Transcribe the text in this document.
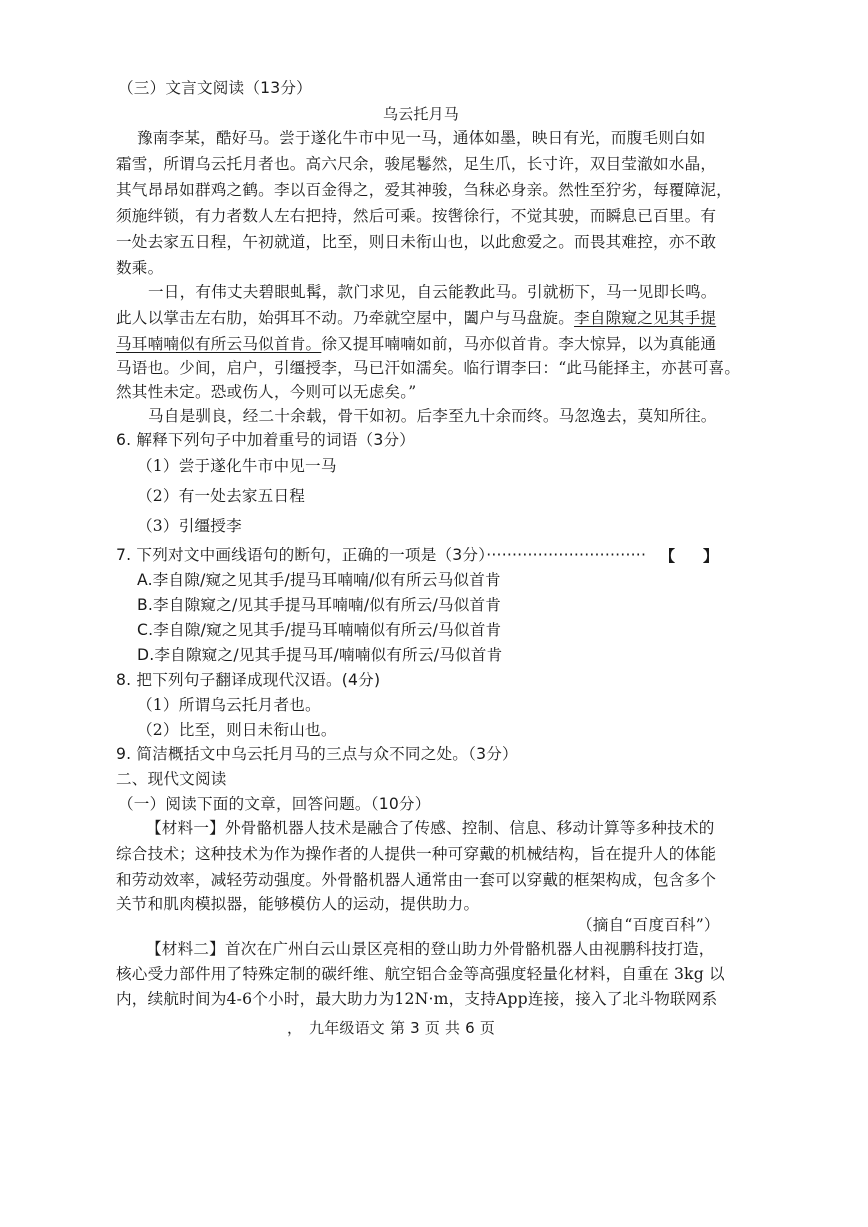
（三）文言文阅读（13分）
乌云托月马
豫南李某，酷好马。尝于遂化牛市中见一马，通体如墨，映日有光，而腹毛则白如
霜雪，所谓乌云托月者也。高六尺余，骏尾鬈然，足生爪，长寸许，双目莹澈如水晶，
其气昂昂如群鸡之鹤。李以百金得之，爱其神骏，刍秣必身亲。然性至狞劣，每覆障泥，
须施绊锁，有力者数人左右把持，然后可乘。按辔徐行，不觉其驶，而瞬息已百里。有
一处去家五日程，午初就道，比至，则日未衔山也，以此愈爱之。而畏其难控，亦不敢
数乘。
一日，有伟丈夫碧眼虬髯，款门求见，自云能教此马。引就枥下，马一见即长鸣。
此人以掌击左右肋，始弭耳不动。乃牵就空屋中，闔户与马盘旋。李自隙窥之见其手提
马耳喃喃似有所云马似首肯。徐又提耳喃喃如前，马亦似首肯。李大惊异，以为真能通
马语也。少间，启户，引缰授李，马已汗如濡矣。临行谓李曰：“此马能择主，亦甚可喜。
然其性未定。恐或伤人，今则可以无虑矣。”
马自是驯良，经二十余载，骨干如初。后李至九十余而终。马忽逸去，莫知所往。
6. 解释下列句子中加着重号的词语（3分）
（1）尝于遂化牛市中见一马
（2）有一处去家五日程
（3）引缰授李
7. 下列对文中画线语句的断句，正确的一项是（3分）······························· 【 】
A.李自隙/窥之见其手/提马耳喃喃/似有所云马似首肯
B.李自隙窥之/见其手提马耳喃喃/似有所云/马似首肯
C.李自隙/窥之见其手/提马耳喃喃似有所云/马似首肯
D.李自隙窥之/见其手提马耳/喃喃似有所云/马似首肯
8. 把下列句子翻译成现代汉语。(4分)
（1）所谓乌云托月者也。
（2）比至，则日未衔山也。
9. 简洁概括文中乌云托月马的三点与众不同之处。（3分）
二、现代文阅读
（一）阅读下面的文章，回答问题。（10分）
【材料一】外骨骼机器人技术是融合了传感、控制、信息、移动计算等多种技术的
综合技术；这种技术为作为操作者的人提供一种可穿戴的机械结构，旨在提升人的体能
和劳动效率，减轻劳动强度。外骨骼机器人通常由一套可以穿戴的框架构成，包含多个
关节和肌肉模拟器，能够模仿人的运动，提供助力。
（摘自“百度百科”）
【材料二】首次在广州白云山景区亮相的登山助力外骨骼机器人由视鹏科技打造，
核心受力部件用了特殊定制的碳纤维、航空铝合金等高强度轻量化材料，自重在 3kg 以
内，续航时间为4-6个小时，最大助力为12N·m，支持App连接，接入了北斗物联网系
， 九年级语文 第 3 页 共 6 页
